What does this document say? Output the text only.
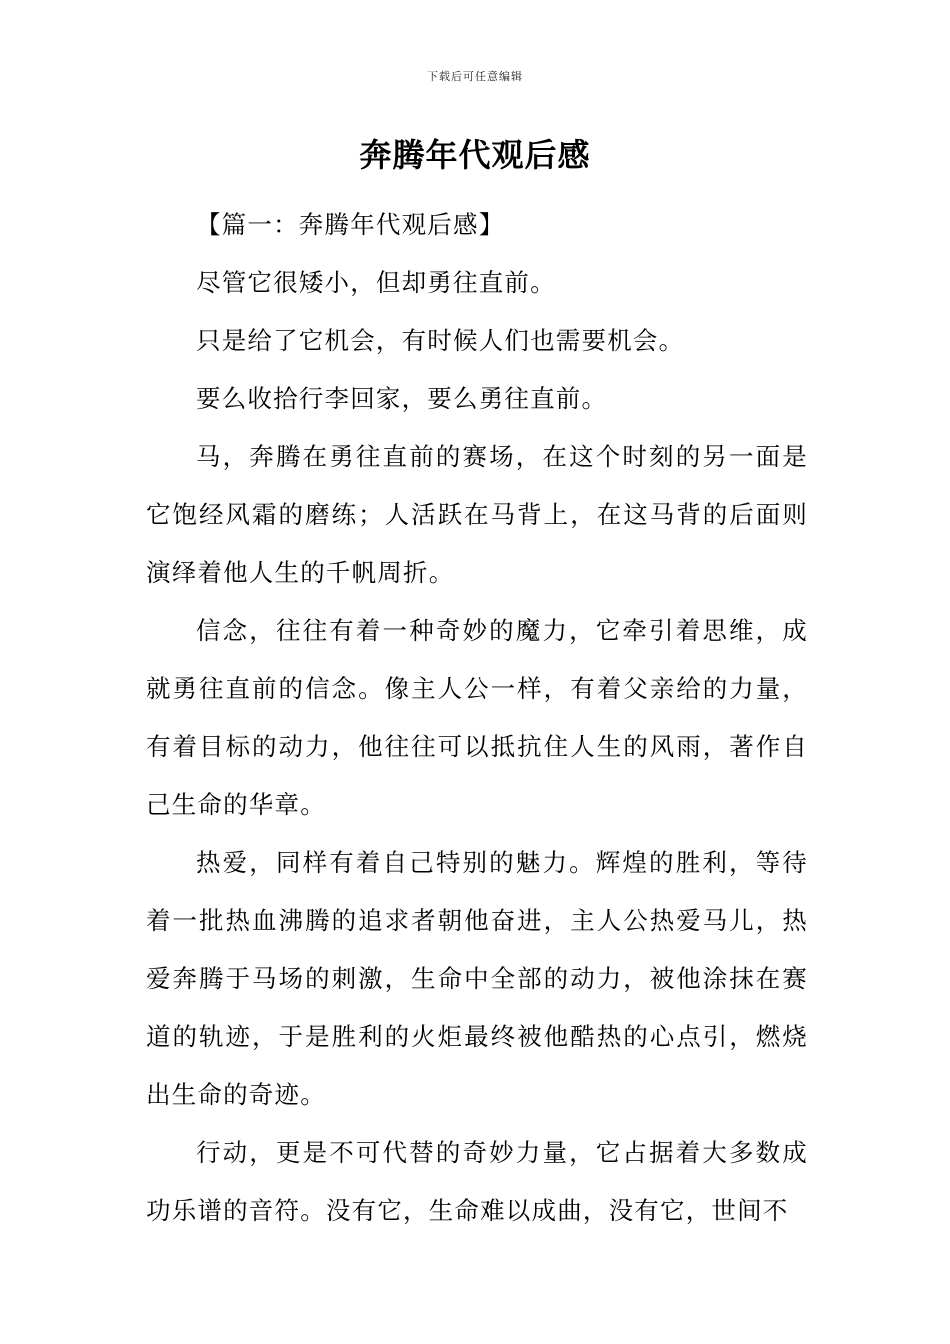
下载后可任意编辑
奔腾年代观后感

【篇一：奔腾年代观后感】

尽管它很矮小，但却勇往直前。

只是给了它机会，有时候人们也需要机会。

要么收拾行李回家，要么勇往直前。

马，奔腾在勇往直前的赛场，在这个时刻的另一面是它饱经风霜的磨练；人活跃在马背上，在这马背的后面则演绎着他人生的千帆周折。

信念，往往有着一种奇妙的魔力，它牵引着思维，成就勇往直前的信念。像主人公一样，有着父亲给的力量，有着目标的动力，他往往可以抵抗住人生的风雨，著作自己生命的华章。

热爱，同样有着自己特别的魅力。辉煌的胜利，等待着一批热血沸腾的追求者朝他奋进，主人公热爱马儿，热爱奔腾于马场的刺激，生命中全部的动力，被他涂抹在赛道的轨迹，于是胜利的火炬最终被他酷热的心点引，燃烧出生命的奇迹。

行动，更是不可代替的奇妙力量，它占据着大多数成功乐谱的音符。没有它，生命难以成曲，没有它，世间不
